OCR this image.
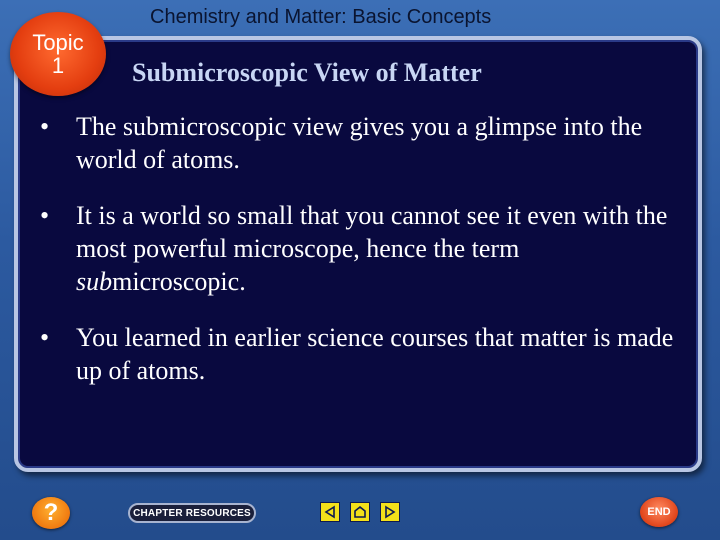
Chemistry and Matter: Basic Concepts
Topic
1	Submicroscopic View of Matter
• The submicroscopic view gives you a glimpse into the world of atoms.
• It is a world so small that you cannot see it even with the most powerful microscope, hence the term submicroscopic.
• You learned in earlier science courses that matter is made up of atoms.
?	CHAPTER RESOURCES	END
